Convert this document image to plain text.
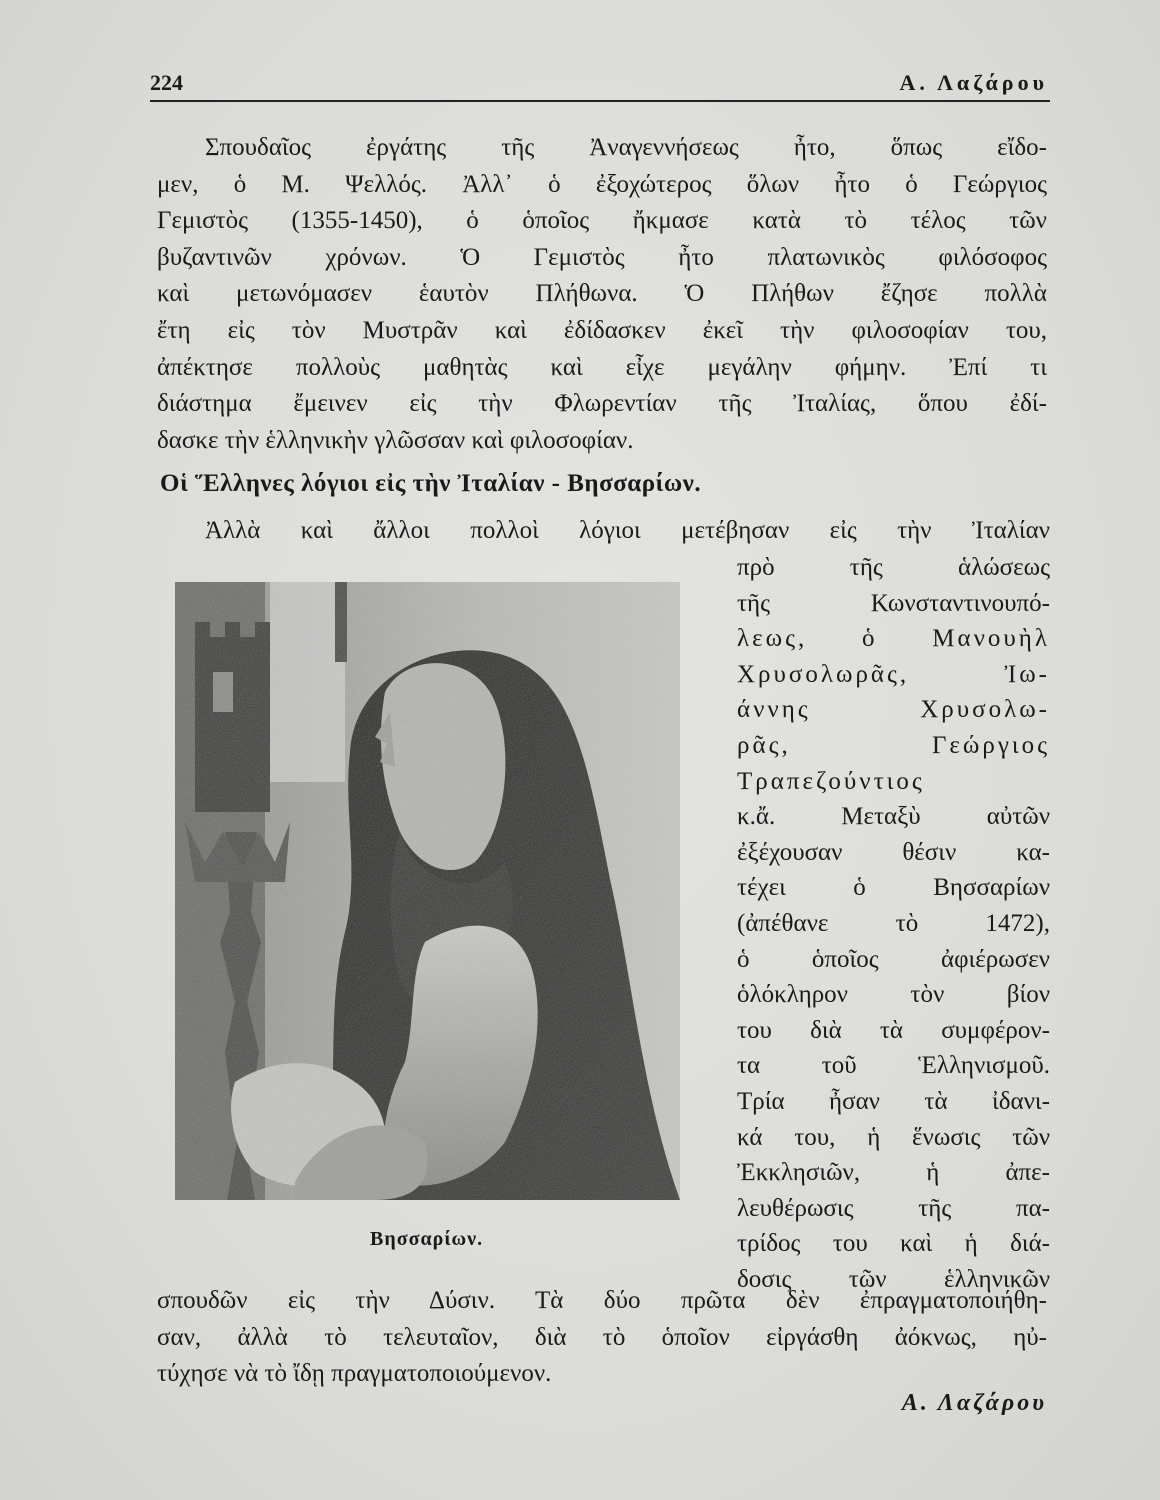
224	Α. Λαζάρου
Σπουδαῖος ἐργάτης τῆς Ἀναγεννήσεως ἦτο, ὅπως εἴδο-
μεν, ὁ Μ. Ψελλός. Ἀλλ᾽ ὁ ἐξοχώτερος ὅλων ἦτο ὁ Γεώργιος
Γεμιστὸς (1355-1450), ὁ ὁποῖος ἤκμασε κατὰ τὸ τέλος τῶν
βυζαντινῶν χρόνων. Ὁ Γεμιστὸς ἦτο πλατωνικὸς φιλόσοφος
καὶ μετωνόμασεν ἑαυτὸν Πλήθωνα. Ὁ Πλήθων ἔζησε πολλὰ
ἔτη εἰς τὸν Μυστρᾶν καὶ ἐδίδασκεν ἐκεῖ τὴν φιλοσοφίαν του,
ἀπέκτησε πολλοὺς μαθητὰς καὶ εἶχε μεγάλην φήμην. Ἐπί τι
διάστημα ἔμεινεν εἰς τὴν Φλωρεντίαν τῆς Ἰταλίας, ὅπου ἐδί-
δασκε τὴν ἑλληνικὴν γλῶσσαν καὶ φιλοσοφίαν.
Οἱ Ἕλληνες λόγιοι εἰς τὴν Ἰταλίαν - Βησσαρίων.
Ἀλλὰ καὶ ἄλλοι πολλοὶ λόγιοι μετέβησαν εἰς τὴν Ἰταλίαν
Βησσαρίων.
πρὸ τῆς ἁλώσεως
τῆς Κωνσταντινουπό-
λεως, ὁ Μανουὴλ
Χρυσολωρᾶς, Ἰω-
άννης Χρυσολω-
ρᾶς, Γεώργιος
Τραπεζούντιος
κ.ἄ. Μεταξὺ αὐτῶν
ἐξέχουσαν θέσιν κα-
τέχει ὁ Βησσαρίων
(ἀπέθανε τὸ 1472),
ὁ ὁποῖος ἀφιέρωσεν
ὁλόκληρον τὸν βίον
του διὰ τὰ συμφέρον-
τα τοῦ Ἑλληνισμοῦ.
Τρία ἦσαν τὰ ἰδανι-
κά του, ἡ ἕνωσις τῶν
Ἐκκλησιῶν, ἡ ἀπε-
λευθέρωσις τῆς πα-
τρίδος του καὶ ἡ διά-
δοσις τῶν ἑλληνικῶν
σπουδῶν εἰς τὴν Δύσιν. Τὰ δύο πρῶτα δὲν ἐπραγματοποιήθη-
σαν, ἀλλὰ τὸ τελευταῖον, διὰ τὸ ὁποῖον εἰργάσθη ἀόκνως, ηὐ-
τύχησε νὰ τὸ ἴδῃ πραγματοποιούμενον.
Α. Λαζάρου
